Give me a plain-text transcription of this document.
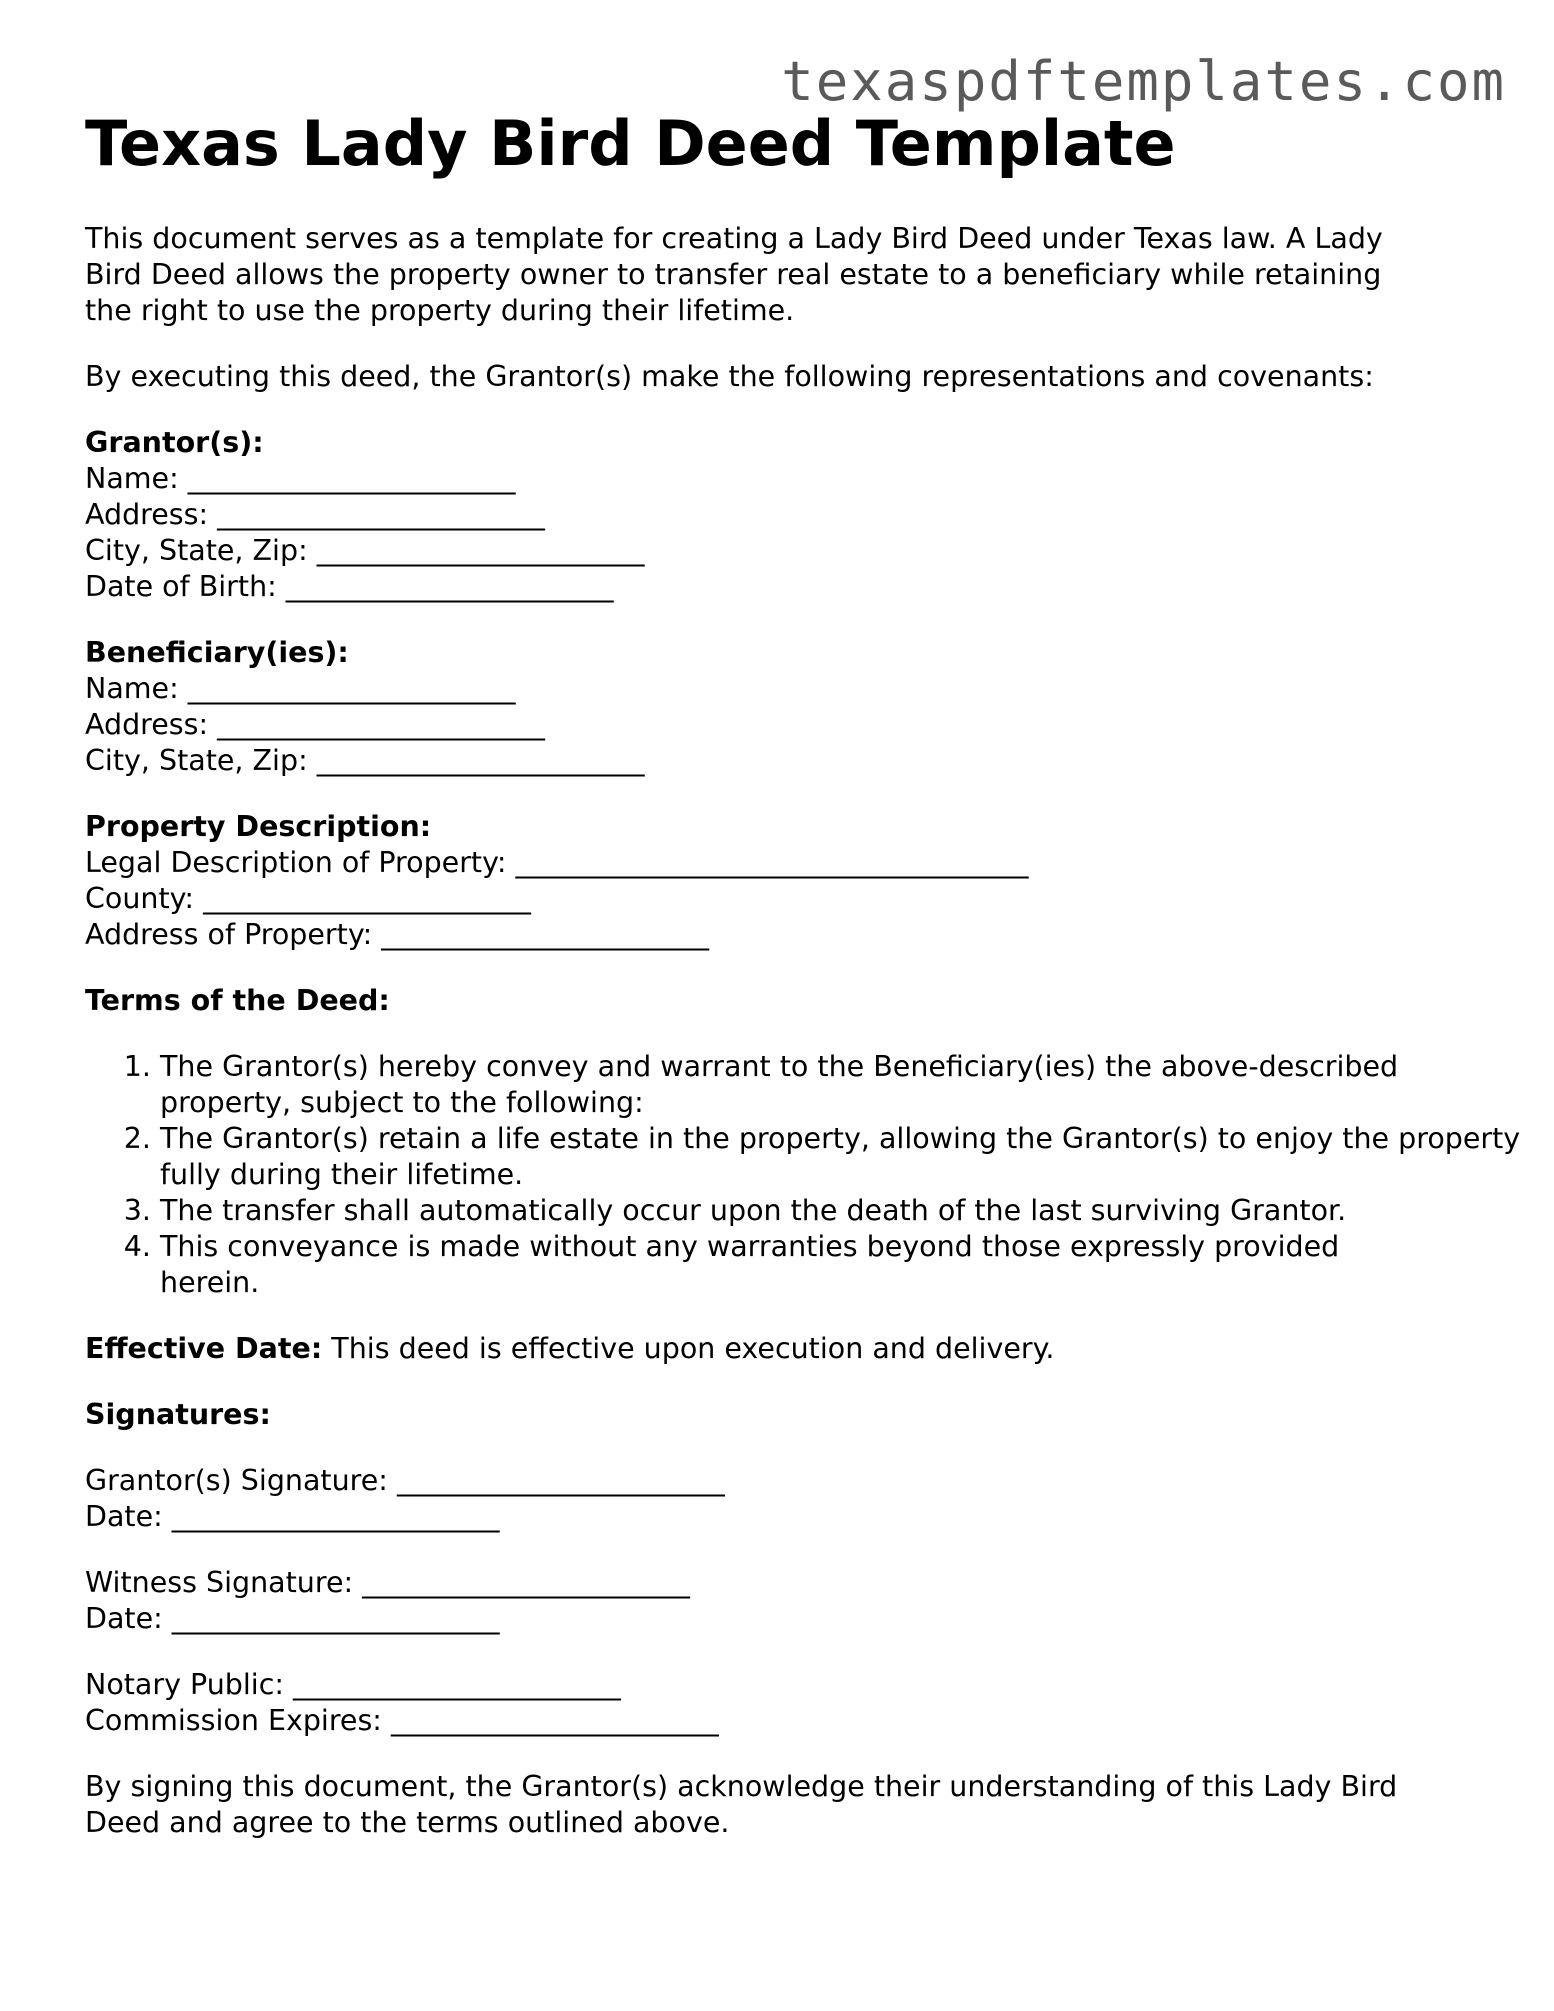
texaspdftemplates.com
Texas Lady Bird Deed Template

This document serves as a template for creating a Lady Bird Deed under Texas law. A Lady Bird Deed allows the property owner to transfer real estate to a beneficiary while retaining the right to use the property during their lifetime.

By executing this deed, the Grantor(s) make the following representations and covenants:

Grantor(s):
Name: _______________________
Address: _______________________
City, State, Zip: _______________________
Date of Birth: _______________________
Beneficiary(ies):
Name: _______________________
Address: _______________________
City, State, Zip: _______________________
Property Description:
Legal Description of Property: ____________________________________
County: _______________________
Address of Property: _______________________
Terms of the Deed:
1. The Grantor(s) hereby convey and warrant to the Beneficiary(ies) the above-described property, subject to the following:
2. The Grantor(s) retain a life estate in the property, allowing the Grantor(s) to enjoy the property fully during their lifetime.
3. The transfer shall automatically occur upon the death of the last surviving Grantor.
4. This conveyance is made without any warranties beyond those expressly provided herein.

Effective Date: This deed is effective upon execution and delivery.

Signatures:
Grantor(s) Signature: _______________________
Date: _______________________
Witness Signature: _______________________
Date: _______________________
Notary Public: _______________________
Commission Expires: _______________________

By signing this document, the Grantor(s) acknowledge their understanding of this Lady Bird Deed and agree to the terms outlined above.
